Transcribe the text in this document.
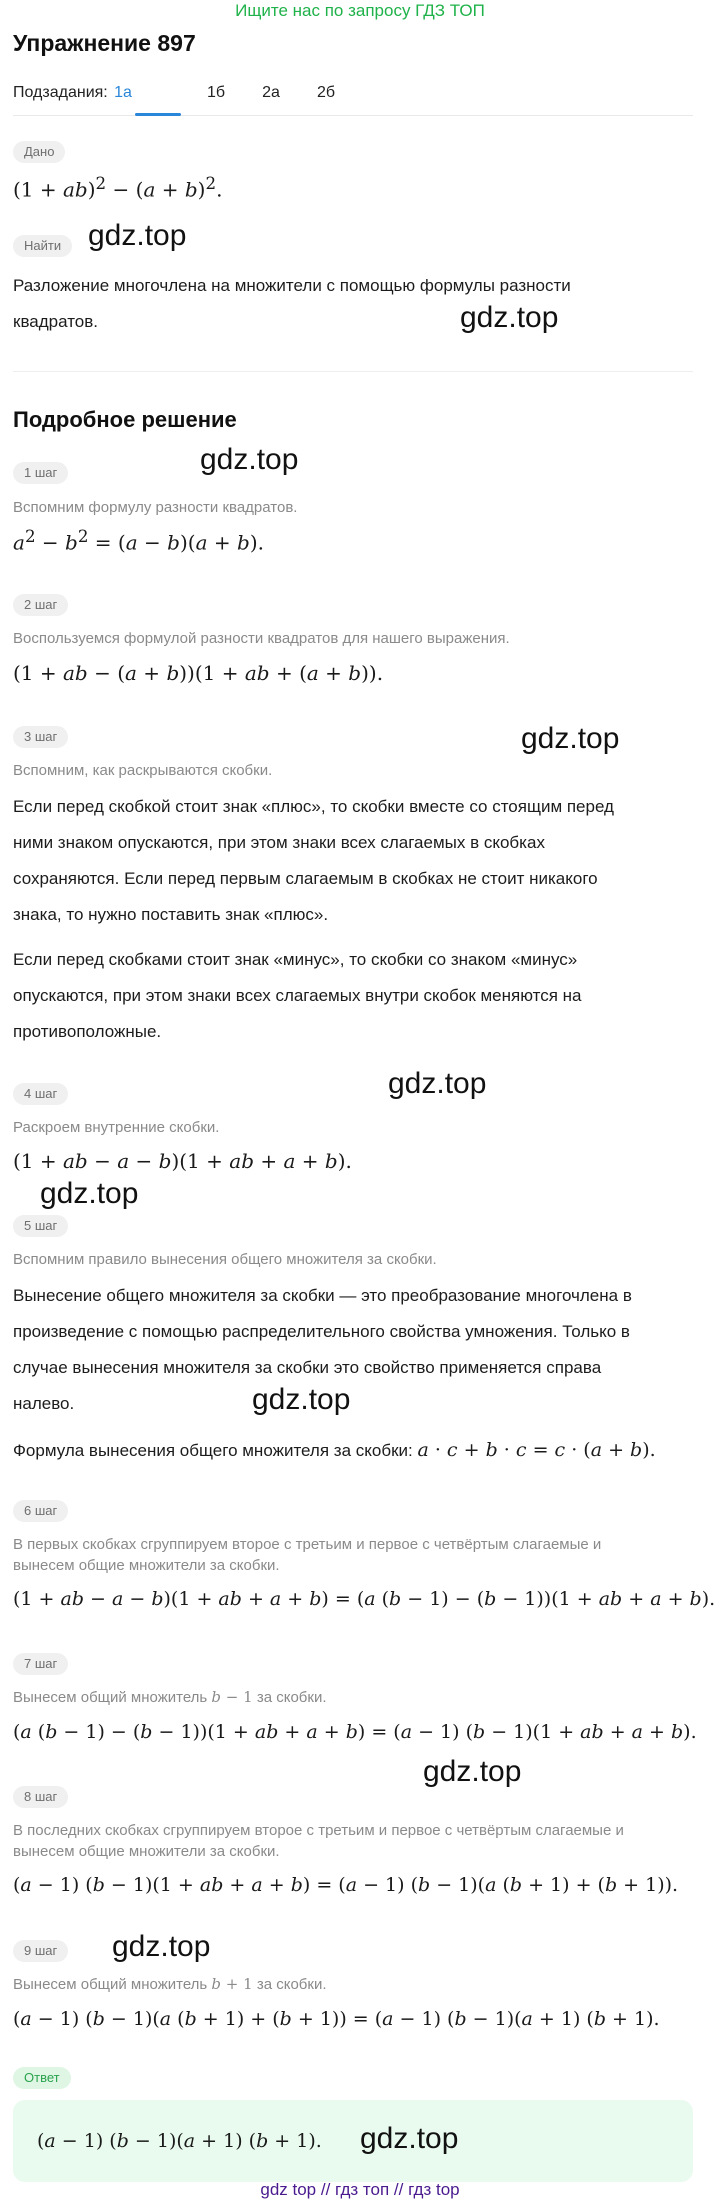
Ищите нас по запросу ГДЗ ТОП
Упражнение 897
Подзадания: 1а	1б 2а 2б
Дано
$(1 + ab)^2 - (a + b)^2$.
Найти
Разложение многочлена на множители с помощью формулы разности
квадратов.
Подробное решение
1 шаг
Вспомним формулу разности квадратов.
$a^2 - b^2 = (a - b)(a + b)$.
2 шаг
Воспользуемся формулой разности квадратов для нашего выражения.
(1 + ab − (a + b))(1 + ab + (a + b)).
3 шаг
Вспомним, как раскрываются скобки.
Если перед скобкой стоит знак «плюс», то скобки вместе со стоящим перед
ними знаком опускаются, при этом знаки всех слагаемых в скобках
сохраняются. Если перед первым слагаемым в скобках не стоит никакого
знака, то нужно поставить знак «плюс».
Если перед скобками стоит знак «минус», то скобки со знаком «минус»
опускаются, при этом знаки всех слагаемых внутри скобок меняются на
противоположные.
4 шаг
Раскроем внутренние скобки.
(1 + ab − a − b)(1 + ab + a + b).
5 шаг
Вспомним правило вынесения общего множителя за скобки.
Вынесение общего множителя за скобки — это преобразование многочлена в
произведение с помощью распределительного свойства умножения. Только в
случае вынесения множителя за скобки это свойство применяется справа
налево.
Формула вынесения общего множителя за скобки: a · c + b · c = c · (a + b).
6 шаг
В первых скобках сгруппируем второе с третьим и первое с четвёртым слагаемые и
вынесем общие множители за скобки.
(1 + ab − a − b)(1 + ab + a + b) = (a (b − 1) − (b − 1))(1 + ab + a + b).
7 шаг
Вынесем общий множитель b − 1 за скобки.
(a (b − 1) − (b − 1))(1 + ab + a + b) = (a − 1) (b − 1)(1 + ab + a + b).
8 шаг
В последних скобках сгруппируем второе с третьим и первое с четвёртым слагаемые и
вынесем общие множители за скобки.
(a − 1) (b − 1)(1 + ab + a + b) = (a − 1) (b − 1)(a (b + 1) + (b + 1)).
9 шаг
Вынесем общий множитель b + 1 за скобки.
(a − 1) (b − 1)(a (b + 1) + (b + 1)) = (a − 1) (b − 1)(a + 1) (b + 1).
Ответ
(a − 1) (b − 1)(a + 1) (b + 1).
gdz.top
gdz.top
gdz.top
gdz.top
gdz.top
gdz.top
gdz.top
gdz.top
gdz.top
gdz.top
gdz top // гдз топ // гдз top
